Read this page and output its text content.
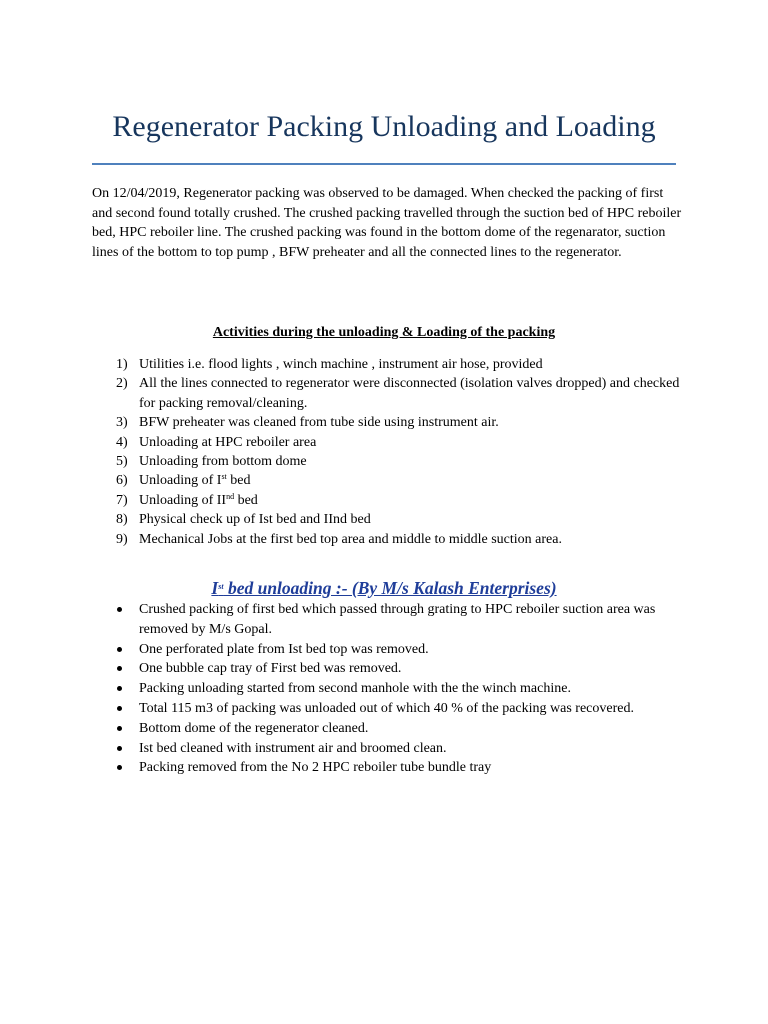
Regenerator Packing Unloading and Loading

On 12/04/2019, Regenerator packing was observed to be damaged. When checked the packing of first and second found totally crushed. The crushed packing travelled through the suction bed of HPC reboiler bed, HPC reboiler line. The crushed packing was found in the bottom dome of the regenarator, suction lines of the bottom to top pump , BFW preheater and all the connected lines to the regenerator.

Activities during the unloading & Loading of the packing
1) Utilities i.e. flood lights , winch machine , instrument air hose, provided
2) All the lines connected to regenerator were disconnected (isolation valves dropped) and checked for packing removal/cleaning.
3) BFW preheater was cleaned from tube side using instrument air.
4) Unloading at HPC reboiler area
5) Unloading from bottom dome
6) Unloading of Ist bed
7) Unloading of IInd bed
8) Physical check up of Ist bed and IInd bed
9) Mechanical Jobs at the first bed top area and middle to middle suction area.
Ist bed unloading :- (By M/s Kalash Enterprises)
Crushed packing of first bed which passed through grating to HPC reboiler suction area was removed by M/s Gopal.
One perforated plate from Ist bed top was removed.
One bubble cap tray of First bed was removed.
Packing unloading started from second manhole with the the winch machine.
Total 115 m3 of packing was unloaded out of which 40 % of the packing was recovered.
Bottom dome of the regenerator cleaned.
Ist bed cleaned with instrument air and broomed clean.
Packing removed from the No 2 HPC reboiler tube bundle tray
